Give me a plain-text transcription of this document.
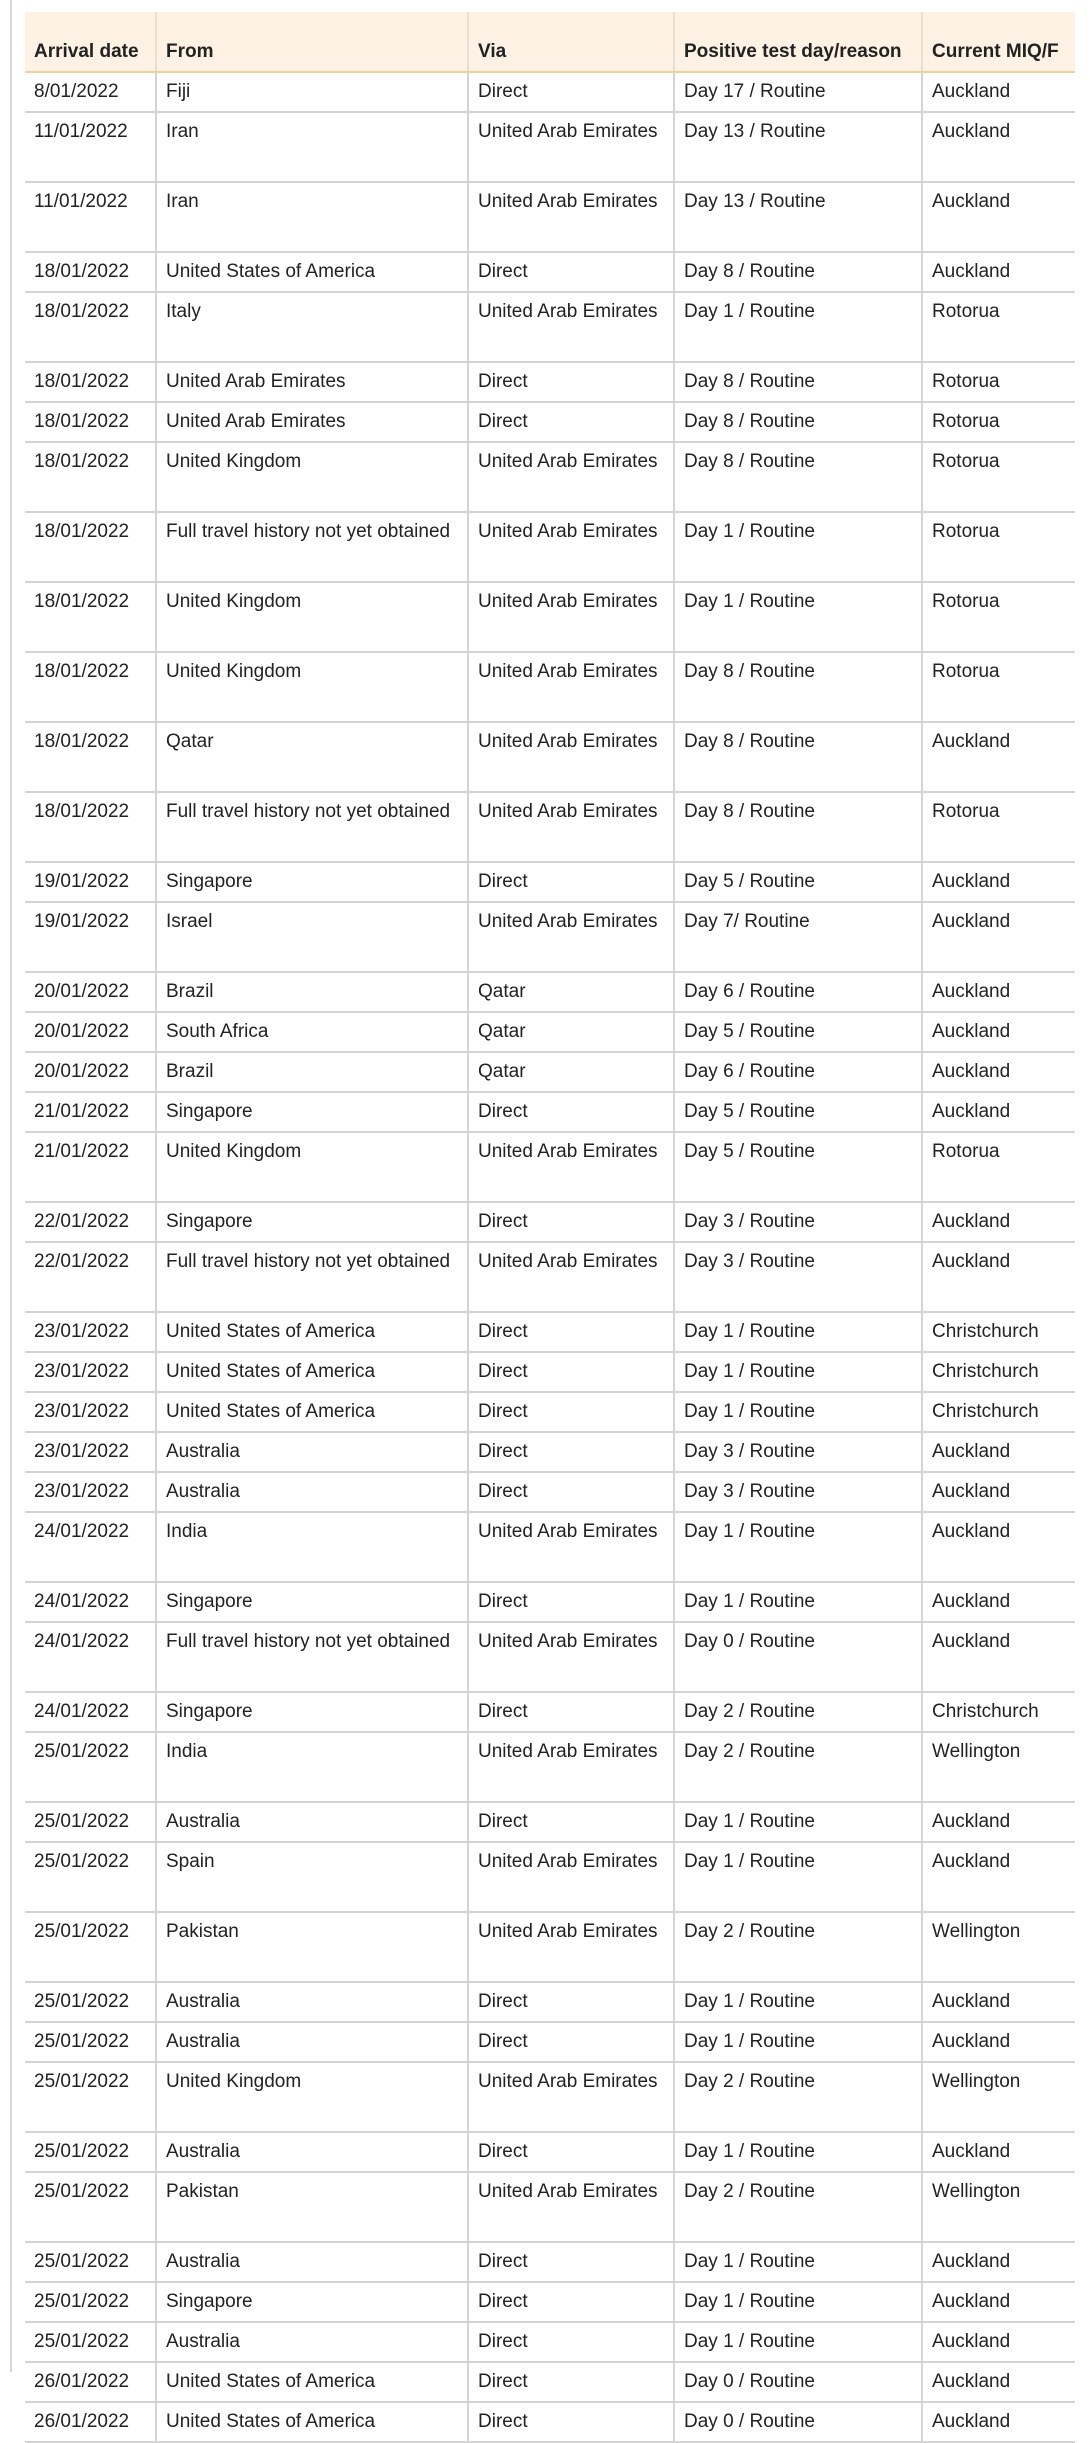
Arrival date	From	Via	Positive test day/reason	Current MIQ/F
8/01/2022	Fiji	Direct	Day 17 / Routine	Auckland
11/01/2022	Iran	United Arab Emirates	Day 13 / Routine	Auckland
11/01/2022	Iran	United Arab Emirates	Day 13 / Routine	Auckland
18/01/2022	United States of America	Direct	Day 8 / Routine	Auckland
18/01/2022	Italy	United Arab Emirates	Day 1 / Routine	Rotorua
18/01/2022	United Arab Emirates	Direct	Day 8 / Routine	Rotorua
18/01/2022	United Arab Emirates	Direct	Day 8 / Routine	Rotorua
18/01/2022	United Kingdom	United Arab Emirates	Day 8 / Routine	Rotorua
18/01/2022	Full travel history not yet obtained	United Arab Emirates	Day 1 / Routine	Rotorua
18/01/2022	United Kingdom	United Arab Emirates	Day 1 / Routine	Rotorua
18/01/2022	United Kingdom	United Arab Emirates	Day 8 / Routine	Rotorua
18/01/2022	Qatar	United Arab Emirates	Day 8 / Routine	Auckland
18/01/2022	Full travel history not yet obtained	United Arab Emirates	Day 8 / Routine	Rotorua
19/01/2022	Singapore	Direct	Day 5 / Routine	Auckland
19/01/2022	Israel	United Arab Emirates	Day 7/ Routine	Auckland
20/01/2022	Brazil	Qatar	Day 6 / Routine	Auckland
20/01/2022	South Africa	Qatar	Day 5 / Routine	Auckland
20/01/2022	Brazil	Qatar	Day 6 / Routine	Auckland
21/01/2022	Singapore	Direct	Day 5 / Routine	Auckland
21/01/2022	United Kingdom	United Arab Emirates	Day 5 / Routine	Rotorua
22/01/2022	Singapore	Direct	Day 3 / Routine	Auckland
22/01/2022	Full travel history not yet obtained	United Arab Emirates	Day 3 / Routine	Auckland
23/01/2022	United States of America	Direct	Day 1 / Routine	Christchurch
23/01/2022	United States of America	Direct	Day 1 / Routine	Christchurch
23/01/2022	United States of America	Direct	Day 1 / Routine	Christchurch
23/01/2022	Australia	Direct	Day 3 / Routine	Auckland
23/01/2022	Australia	Direct	Day 3 / Routine	Auckland
24/01/2022	India	United Arab Emirates	Day 1 / Routine	Auckland
24/01/2022	Singapore	Direct	Day 1 / Routine	Auckland
24/01/2022	Full travel history not yet obtained	United Arab Emirates	Day 0 / Routine	Auckland
24/01/2022	Singapore	Direct	Day 2 / Routine	Christchurch
25/01/2022	India	United Arab Emirates	Day 2 / Routine	Wellington
25/01/2022	Australia	Direct	Day 1 / Routine	Auckland
25/01/2022	Spain	United Arab Emirates	Day 1 / Routine	Auckland
25/01/2022	Pakistan	United Arab Emirates	Day 2 / Routine	Wellington
25/01/2022	Australia	Direct	Day 1 / Routine	Auckland
25/01/2022	Australia	Direct	Day 1 / Routine	Auckland
25/01/2022	United Kingdom	United Arab Emirates	Day 2 / Routine	Wellington
25/01/2022	Australia	Direct	Day 1 / Routine	Auckland
25/01/2022	Pakistan	United Arab Emirates	Day 2 / Routine	Wellington
25/01/2022	Australia	Direct	Day 1 / Routine	Auckland
25/01/2022	Singapore	Direct	Day 1 / Routine	Auckland
25/01/2022	Australia	Direct	Day 1 / Routine	Auckland
26/01/2022	United States of America	Direct	Day 0 / Routine	Auckland
26/01/2022	United States of America	Direct	Day 0 / Routine	Auckland
